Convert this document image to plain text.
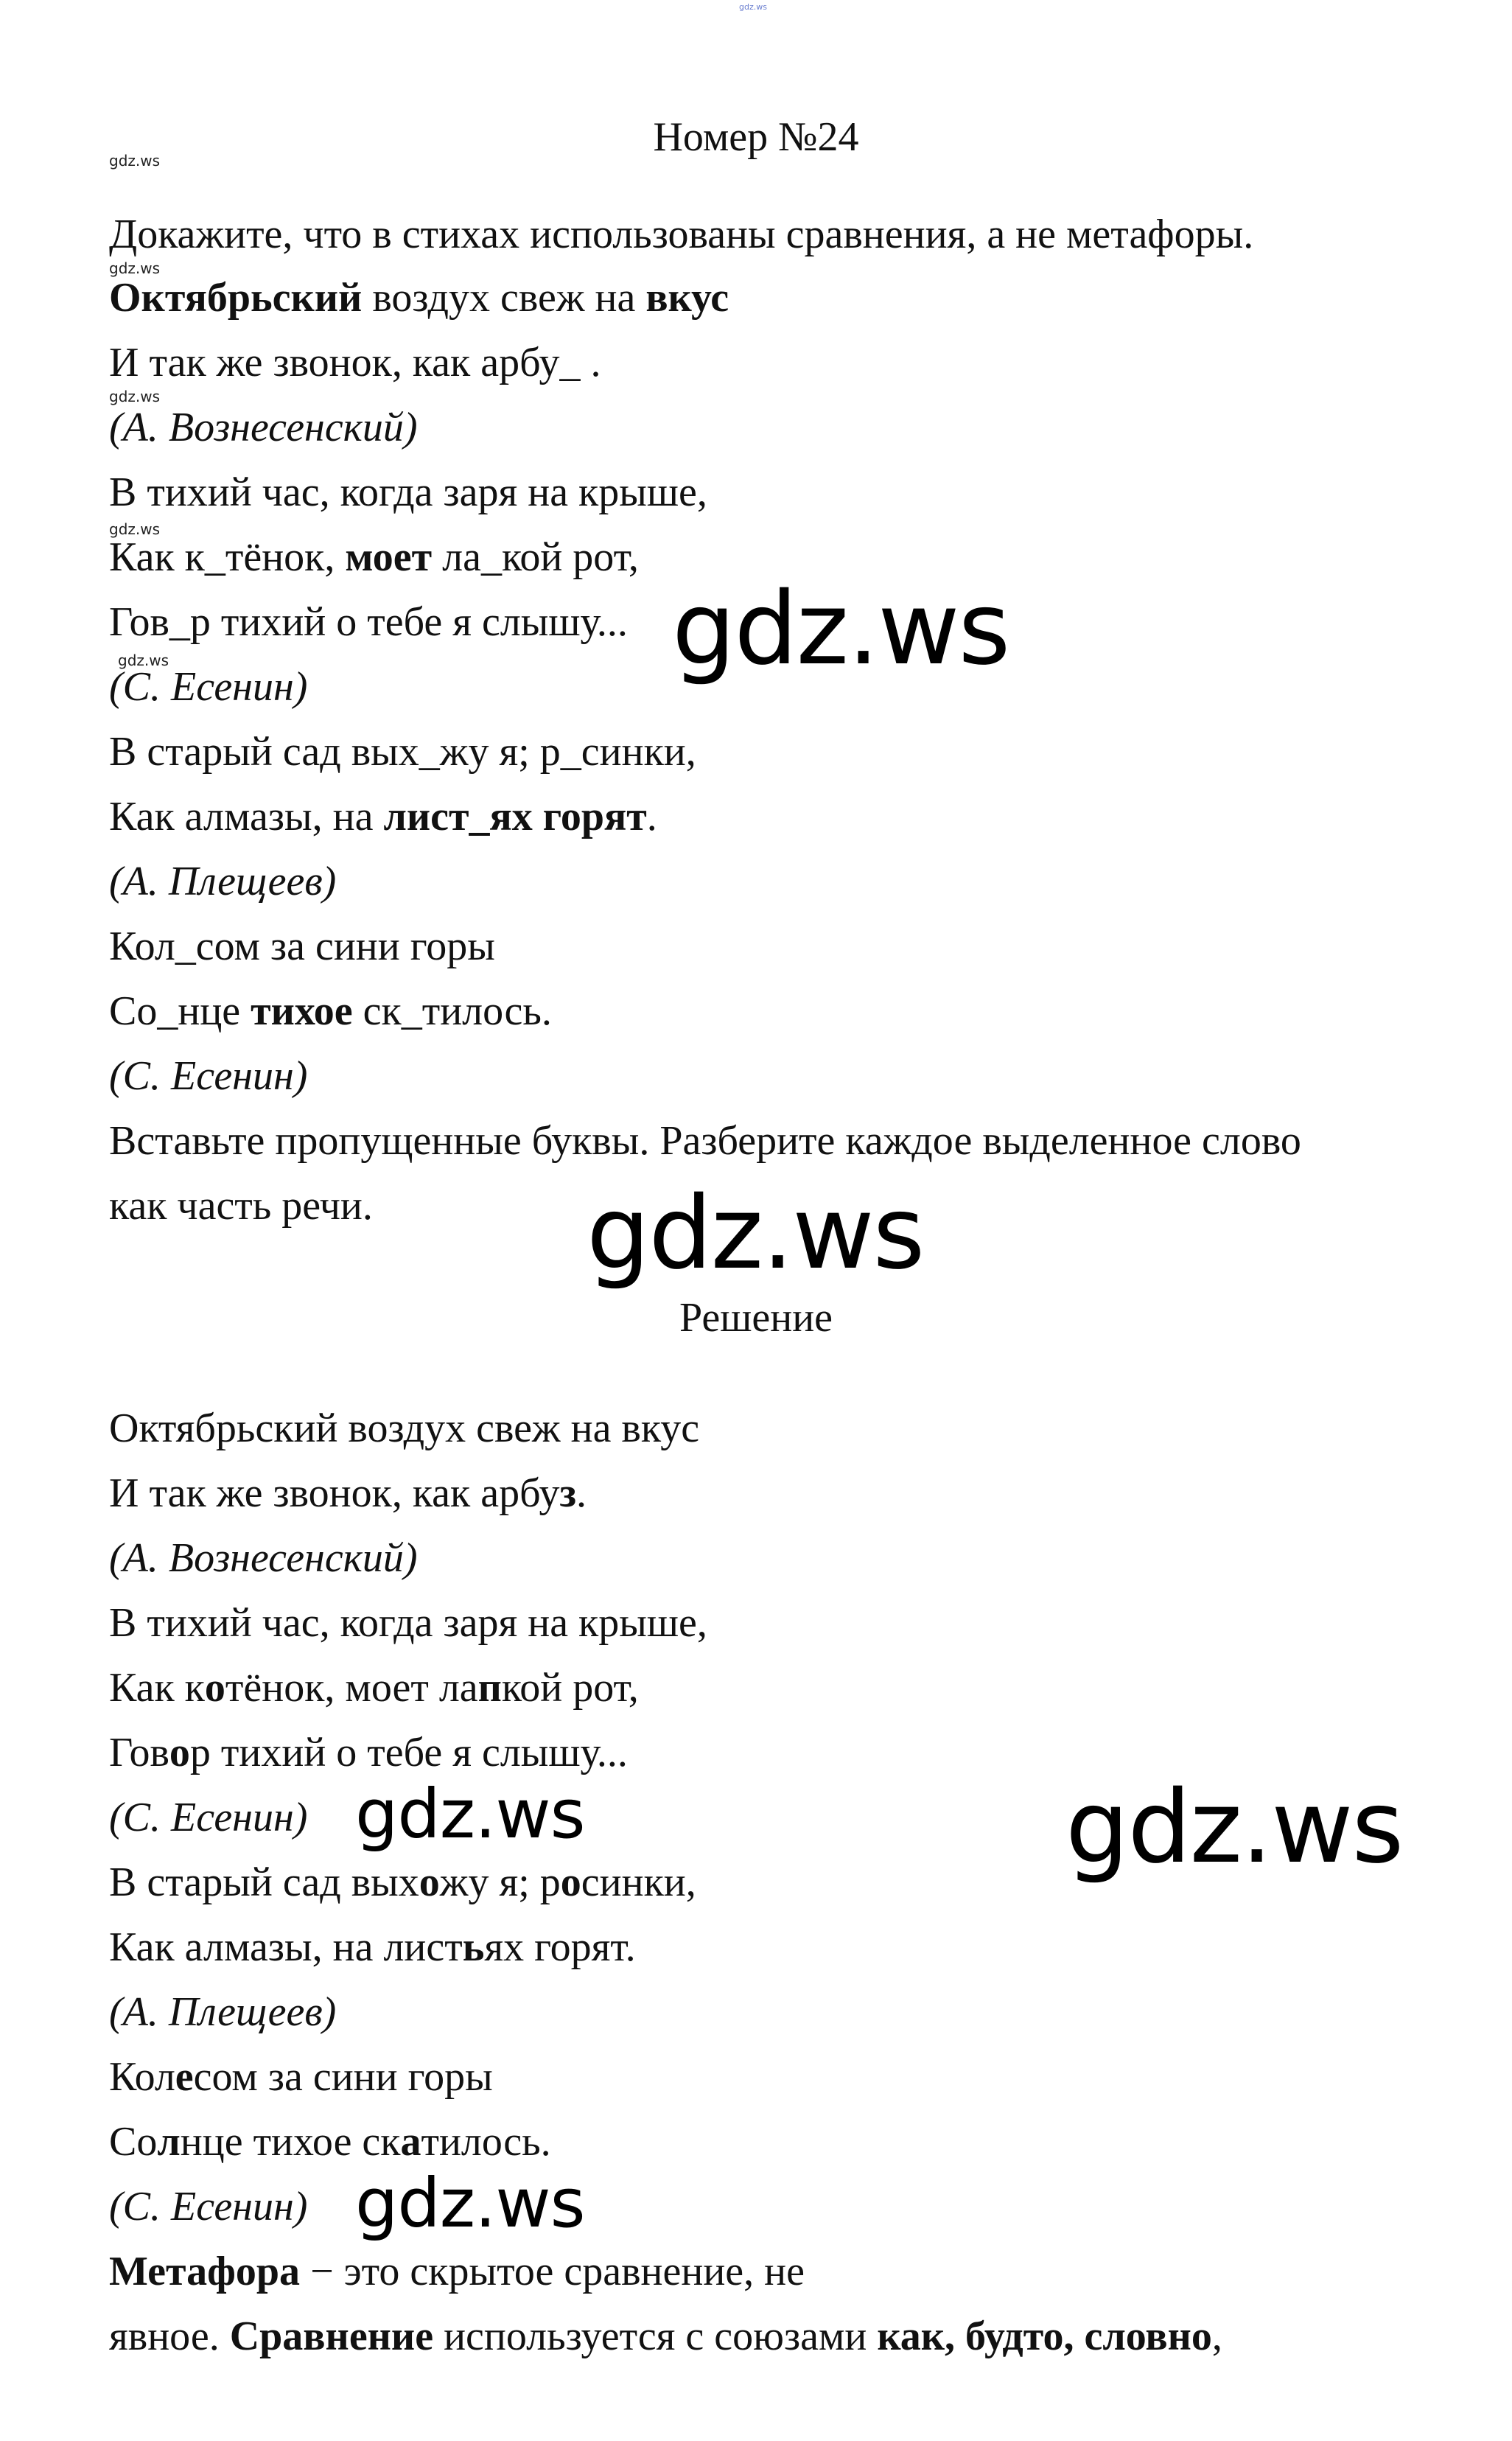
gdz.ws
Номер №24
gdz.ws
gdz.ws
gdz.ws
gdz.ws
gdz.ws
Докажите, что в стихах использованы сравнения, а не метафоры.
Октябрьский воздух свеж на вкус
И так же звонок, как арбу_ .
(А. Вознесенский)
В тихий час, когда заря на крыше,
Как к_тёнок, моет ла_кой рот,
Гов_р тихий о тебе я слышу...
(С. Есенин)
В старый сад вых_жу я; р_синки,
Как алмазы, на лист_ях горят.
(А. Плещеев)
Кол_сом за сини горы
Со_нце тихое ск_тилось.
(С. Есенин)
Вставьте пропущенные буквы. Разберите каждое выделенное слово
как часть речи.
gdz.ws
gdz.ws
Решение
Октябрьский воздух свеж на вкус
И так же звонок, как арбуз.
(А. Вознесенский)
В тихий час, когда заря на крыше,
Как котёнок, моет лапкой рот,
Говор тихий о тебе я слышу...
(С. Есенин)
В старый сад выхожу я; росинки,
Как алмазы, на листьях горят.
(А. Плещеев)
Колесом за сини горы
Солнце тихое скатилось.
(С. Есенин)
Метафора − это скрытое сравнение, не
явное. Сравнение используется с союзами как, будто, словно,
gdz.ws	gdz.ws
gdz.ws
